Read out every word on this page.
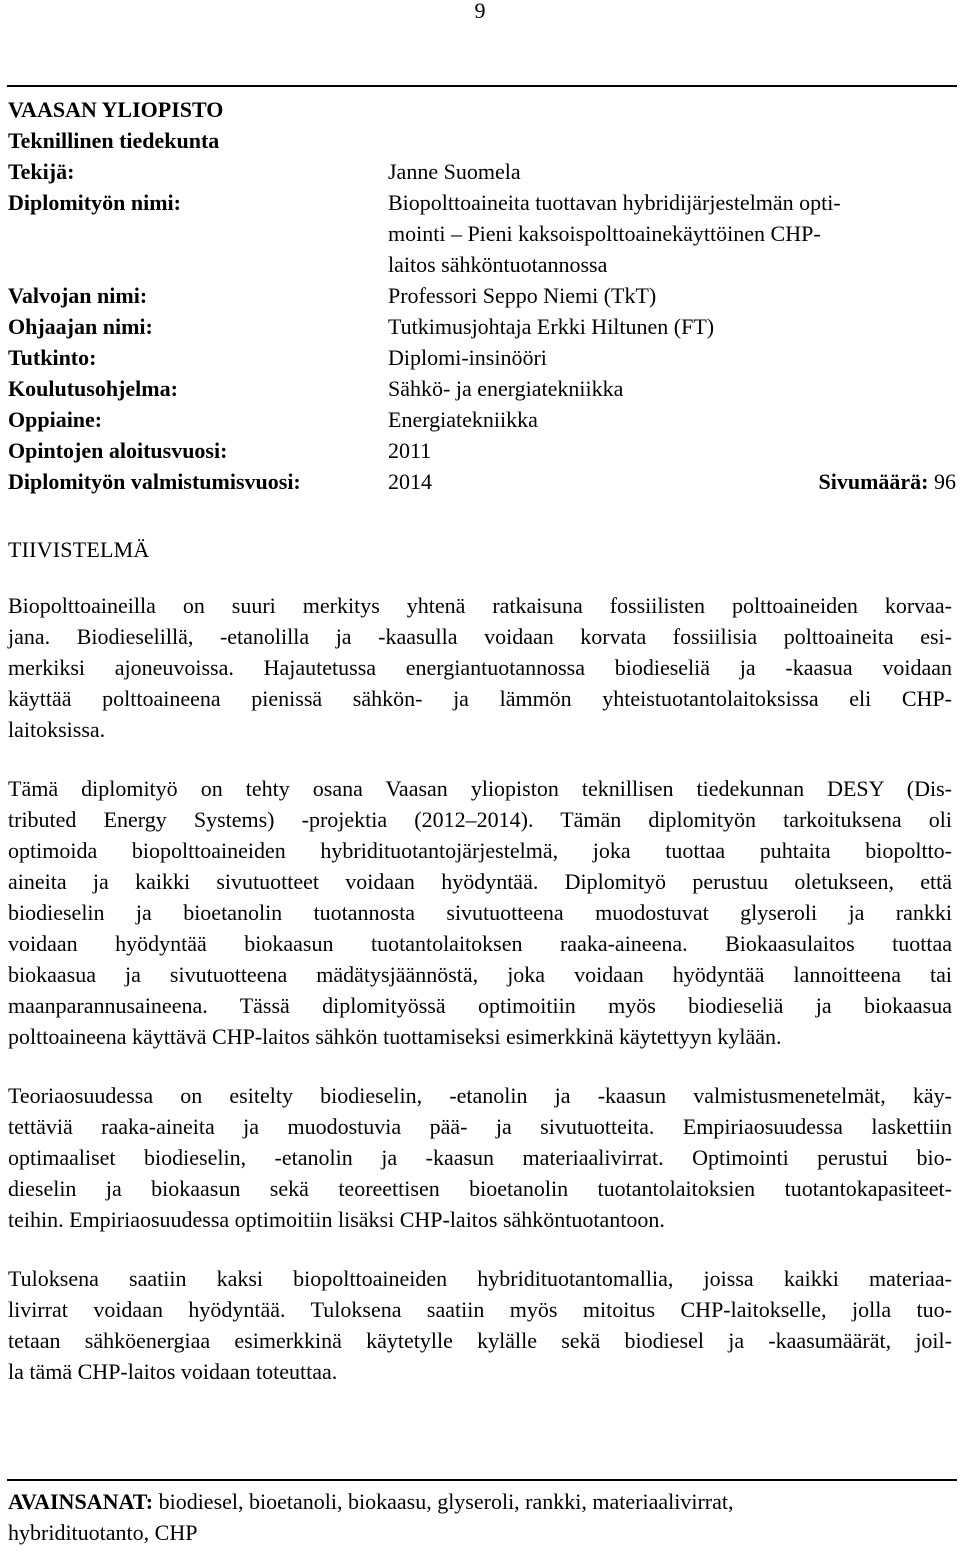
9
VAASAN YLIOPISTO
Teknillinen tiedekunta
Tekijä:	Janne Suomela
Diplomityön nimi:	Biopolttoaineita tuottavan hybridijärjestelmän opti-
mointi – Pieni kaksoispolttoainekäyttöinen CHP-
laitos sähköntuotannossa
Valvojan nimi:	Professori Seppo Niemi (TkT)
Ohjaajan nimi:	Tutkimusjohtaja Erkki Hiltunen (FT)
Tutkinto:	Diplomi-insinööri
Koulutusohjelma:	Sähkö- ja energiatekniikka
Oppiaine:	Energiatekniikka
Opintojen aloitusvuosi:	2011
Diplomityön valmistumisvuosi:	2014	Sivumäärä: 96
TIIVISTELMÄ
Biopolttoaineilla on suuri merkitys yhtenä ratkaisuna fossiilisten polttoaineiden korvaa-
jana. Biodieselillä, -etanolilla ja -kaasulla voidaan korvata fossiilisia polttoaineita esi-
merkiksi ajoneuvoissa. Hajautetussa energiantuotannossa biodieseliä ja -kaasua voidaan
käyttää polttoaineena pienissä sähkön- ja lämmön yhteistuotantolaitoksissa eli CHP-
laitoksissa.
Tämä diplomityö on tehty osana Vaasan yliopiston teknillisen tiedekunnan DESY (Dis-
tributed Energy Systems) -projektia (2012–2014). Tämän diplomityön tarkoituksena oli
optimoida biopolttoaineiden hybridituotantojärjestelmä, joka tuottaa puhtaita biopoltto-
aineita ja kaikki sivutuotteet voidaan hyödyntää. Diplomityö perustuu oletukseen, että
biodieselin ja bioetanolin tuotannosta sivutuotteena muodostuvat glyseroli ja rankki
voidaan hyödyntää biokaasun tuotantolaitoksen raaka-aineena. Biokaasulaitos tuottaa
biokaasua ja sivutuotteena mädätysjäännöstä, joka voidaan hyödyntää lannoitteena tai
maanparannusaineena. Tässä diplomityössä optimoitiin myös biodieseliä ja biokaasua
polttoaineena käyttävä CHP-laitos sähkön tuottamiseksi esimerkkinä käytettyyn kylään.
Teoriaosuudessa on esitelty biodieselin, -etanolin ja -kaasun valmistusmenetelmät, käy-
tettäviä raaka-aineita ja muodostuvia pää- ja sivutuotteita. Empiriaosuudessa laskettiin
optimaaliset biodieselin, -etanolin ja -kaasun materiaalivirrat. Optimointi perustui bio-
dieselin ja biokaasun sekä teoreettisen bioetanolin tuotantolaitoksien tuotantokapasiteet-
teihin. Empiriaosuudessa optimoitiin lisäksi CHP-laitos sähköntuotantoon.
Tuloksena saatiin kaksi biopolttoaineiden hybridituotantomallia, joissa kaikki materiaa-
livirrat voidaan hyödyntää. Tuloksena saatiin myös mitoitus CHP-laitokselle, jolla tuo-
tetaan sähköenergiaa esimerkkinä käytetylle kylälle sekä biodiesel ja -kaasumäärät, joil-
la tämä CHP-laitos voidaan toteuttaa.
AVAINSANAT: biodiesel, bioetanoli, biokaasu, glyseroli, rankki, materiaalivirrat,
hybridituotanto, CHP
